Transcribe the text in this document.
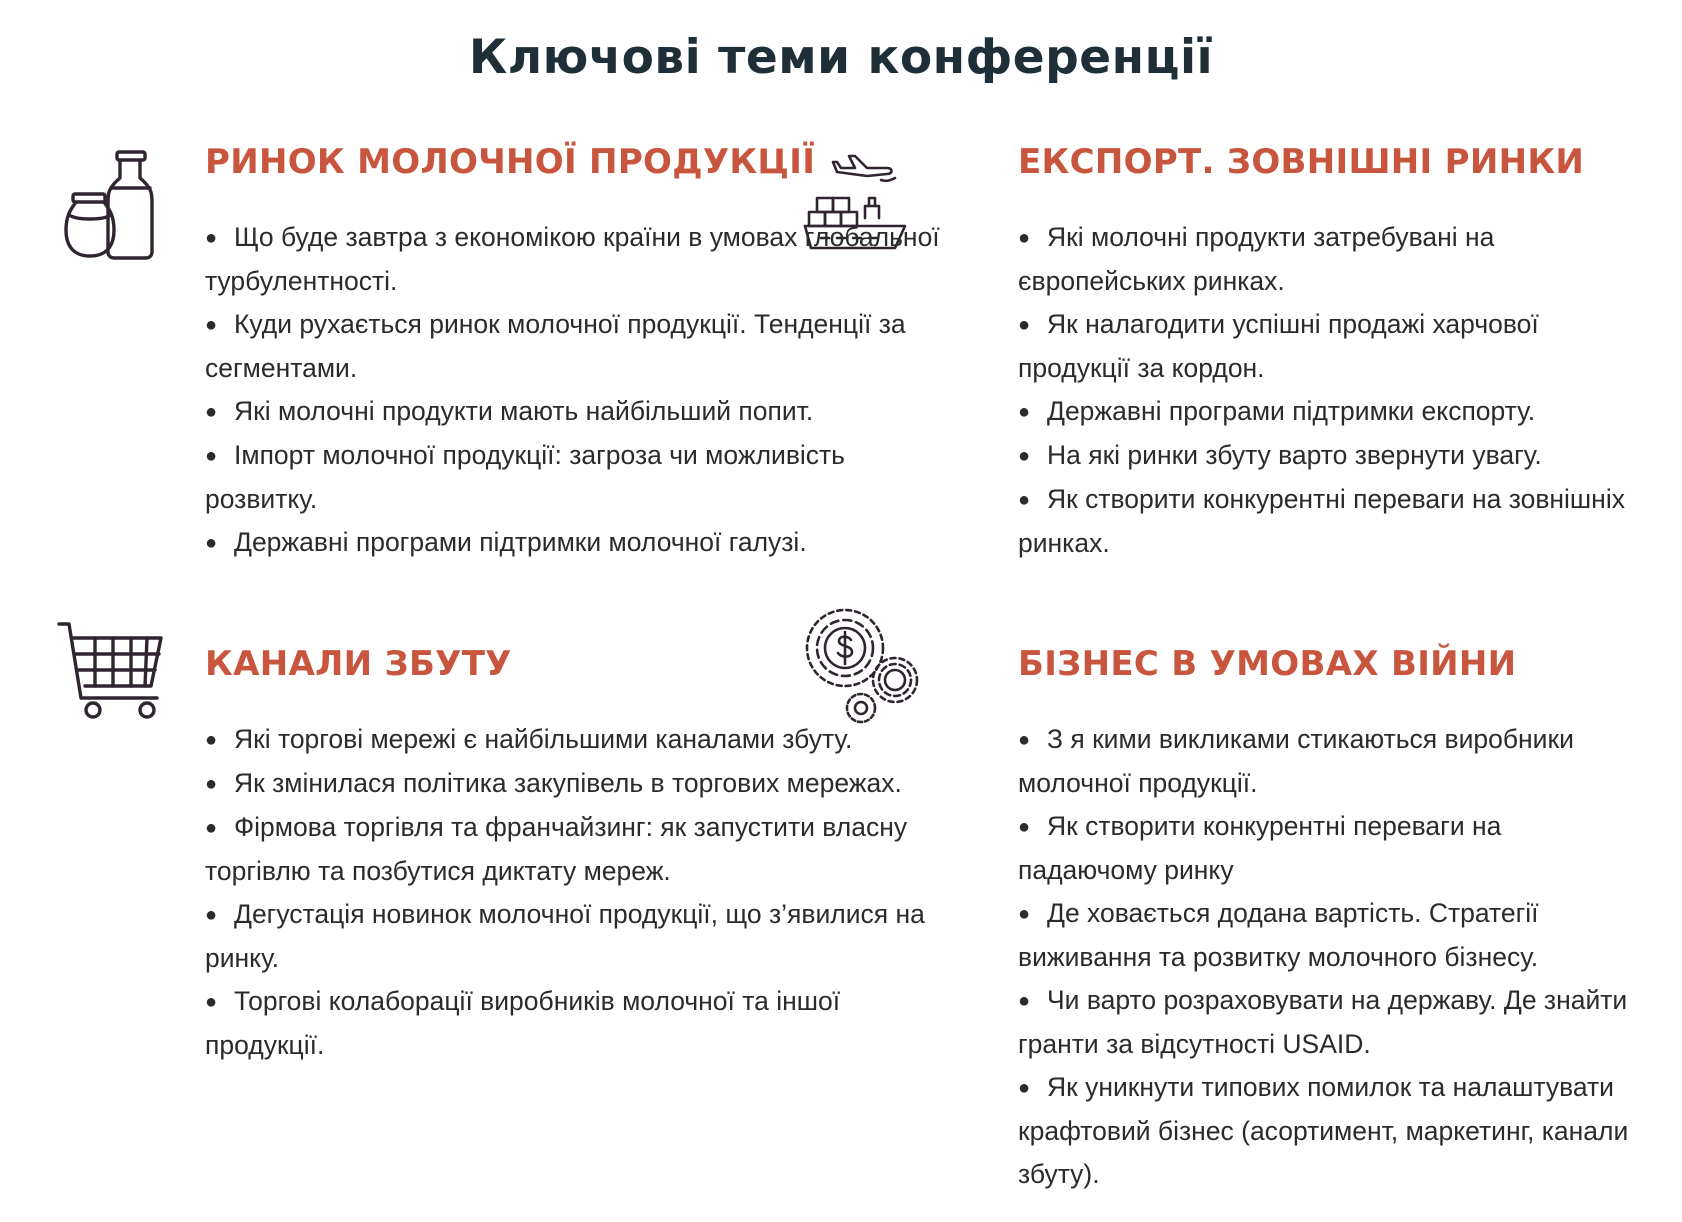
Ключові теми конференції
РИНОК МОЛОЧНОЇ ПРОДУКЦІЇ
● Що буде завтра з економікою країни в умовах глобальної турбулентності.
● Куди рухається ринок молочної продукції. Тенденції за сегментами.
● Які молочні продукти мають найбільший попит.
● Імпорт молочної продукції: загроза чи можливість розвитку.
● Державні програми підтримки молочної галузі.
ЕКСПОРТ. ЗОВНІШНІ РИНКИ
● Які молочні продукти затребувані на європейських ринках.
● Як налагодити успішні продажі харчової продукції за кордон.
● Державні програми підтримки експорту.
● На які ринки збуту варто звернути увагу.
● Як створити конкурентні переваги на зовнішніх ринках.
КАНАЛИ ЗБУТУ
● Які торгові мережі є найбільшими каналами збуту.
● Як змінилася політика закупівель в торгових мережах.
● Фірмова торгівля та франчайзинг: як запустити власну торгівлю та позбутися диктату мереж.
● Дегустація новинок молочної продукції, що з’явилися на ринку.
● Торгові колаборації виробників молочної та іншої продукції.
БІЗНЕС В УМОВАХ ВІЙНИ
● З я кими викликами стикаються виробники молочної продукції.
● Як створити конкурентні переваги на падаючому ринку
● Де ховається додана вартість. Стратегії виживання та розвитку молочного бізнесу.
● Чи варто розраховувати на державу. Де знайти гранти за відсутності USAID.
● Як уникнути типових помилок та налаштувати крафтовий бізнес (асортимент, маркетинг, канали збуту).
